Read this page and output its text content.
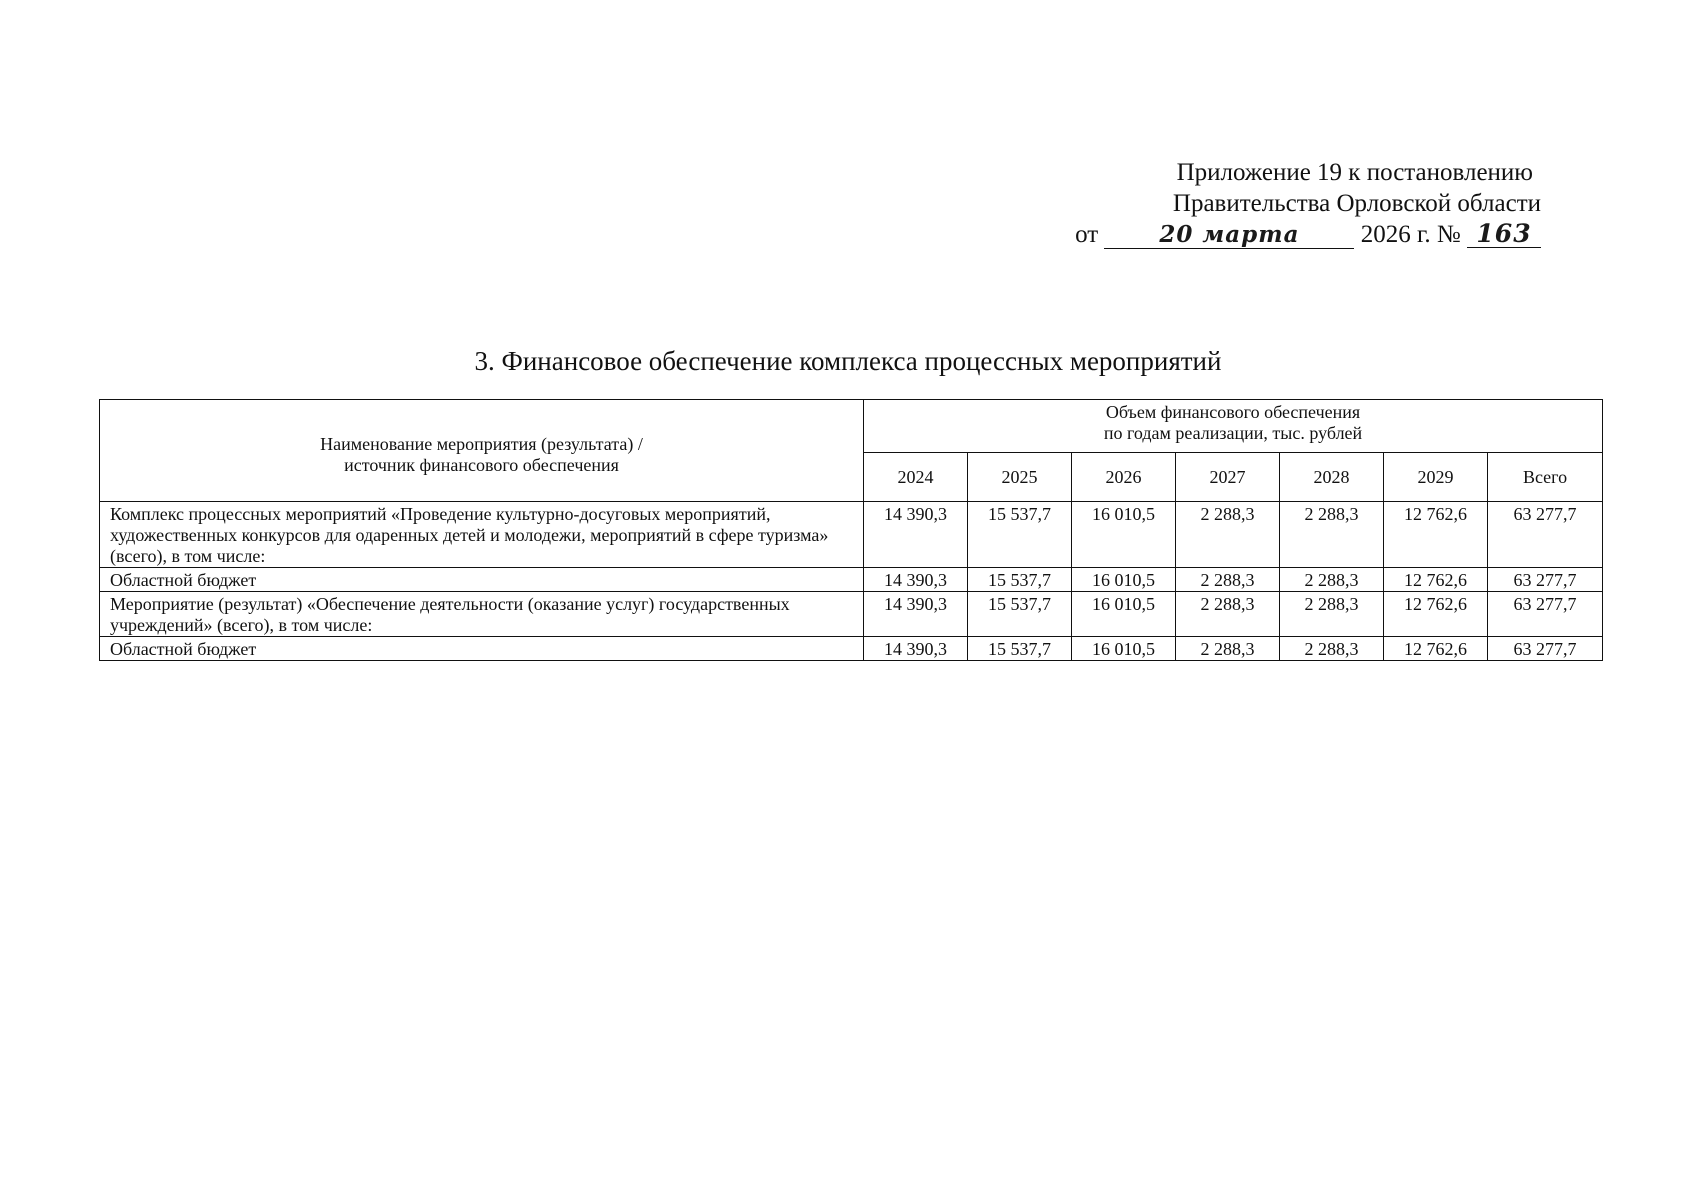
Приложение 19 к постановлению
Правительства Орловской области
от	20 марта 2026 г. № 163
3. Финансовое обеспечение комплекса процессных мероприятий
Наименование мероприятия (результата) /
источник финансового обеспечения	Объем финансового обеспечения
по годам реализации, тыс. рублей						

	2024	2025	2026	2027	2028	2029	Всего
Комплекс процессных мероприятий «Проведение культурно-досуговых мероприятий, художественных конкурсов для одаренных детей и молодежи, мероприятий в сфере туризма» (всего), в том числе:	14 390,3	15 537,7	16 010,5	2 288,3	2 288,3	12 762,6	63 277,7
Областной бюджет	14 390,3	15 537,7	16 010,5	2 288,3	2 288,3	12 762,6	63 277,7
Мероприятие (результат) «Обеспечение деятельности (оказание услуг) государственных учреждений» (всего), в том числе:	14 390,3	15 537,7	16 010,5	2 288,3	2 288,3	12 762,6	63 277,7
Областной бюджет	14 390,3	15 537,7	16 010,5	2 288,3	2 288,3	12 762,6	63 277,7
